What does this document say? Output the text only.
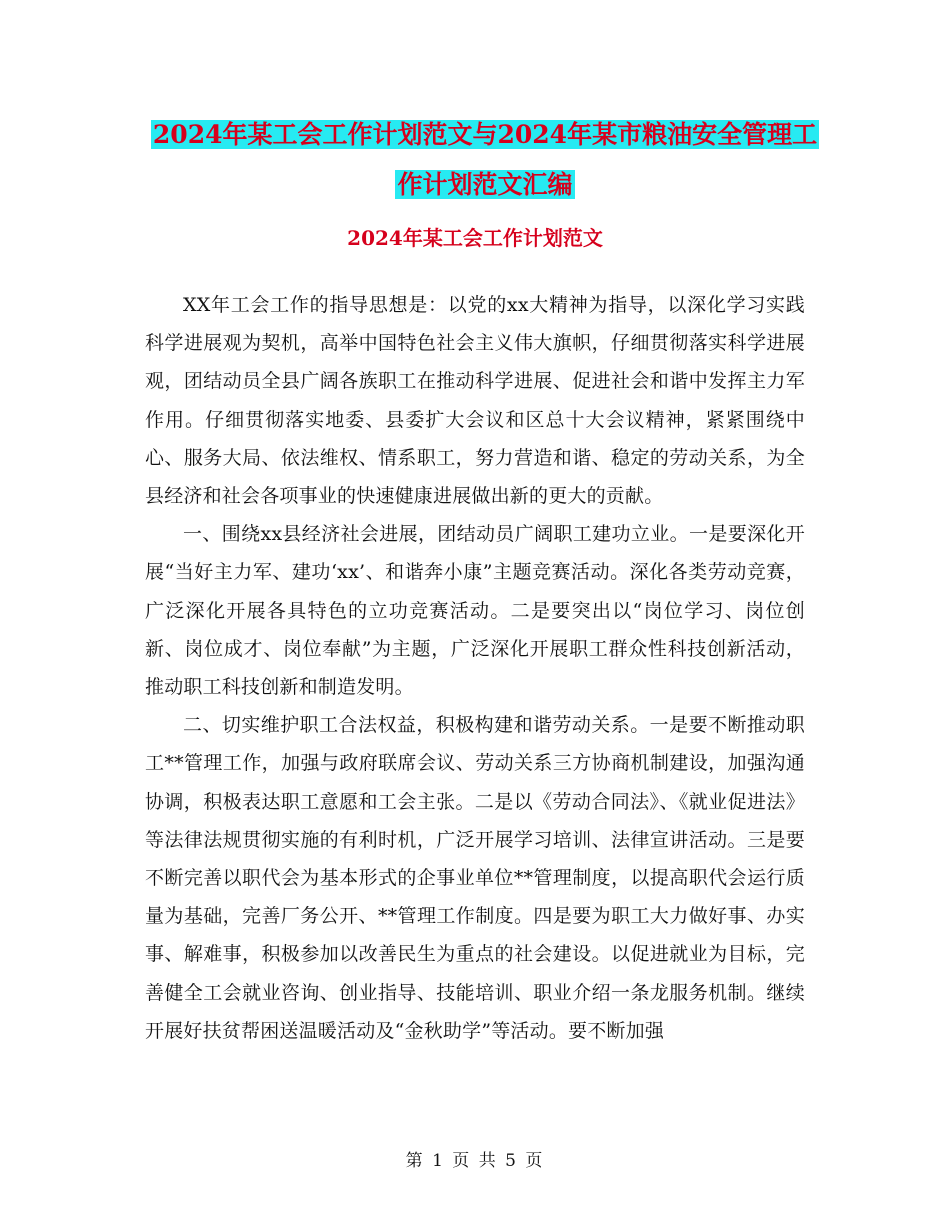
2024年某工会工作计划范文与2024年某市粮油安全管理工作计划范文汇编
2024年某工会工作计划范文

XX年工会工作的指导思想是：以党的xx大精神为指导，以深化学习实践科学进展观为契机，高举中国特色社会主义伟大旗帜，仔细贯彻落实科学进展观，团结动员全县广阔各族职工在推动科学进展、促进社会和谐中发挥主力军作用。仔细贯彻落实地委、县委扩大会议和区总十大会议精神，紧紧围绕中心、服务大局、依法维权、情系职工，努力营造和谐、稳定的劳动关系，为全县经济和社会各项事业的快速健康进展做出新的更大的贡献。

一、围绕xx县经济社会进展，团结动员广阔职工建功立业。一是要深化开展“当好主力军、建功‘xx’、和谐奔小康”主题竞赛活动。深化各类劳动竞赛，广泛深化开展各具特色的立功竞赛活动。二是要突出以“岗位学习、岗位创新、岗位成才、岗位奉献”为主题，广泛深化开展职工群众性科技创新活动，推动职工科技创新和制造发明。

二、切实维护职工合法权益，积极构建和谐劳动关系。一是要不断推动职工**管理工作，加强与政府联席会议、劳动关系三方协商机制建设，加强沟通协调，积极表达职工意愿和工会主张。二是以《劳动合同法》、《就业促进法》等法律法规贯彻实施的有利时机，广泛开展学习培训、法律宣讲活动。三是要不断完善以职代会为基本形式的企事业单位**管理制度，以提高职代会运行质量为基础，完善厂务公开、**管理工作制度。四是要为职工大力做好事、办实事、解难事，积极参加以改善民生为重点的社会建设。以促进就业为目标，完善健全工会就业咨询、创业指导、技能培训、职业介绍一条龙服务机制。继续开展好扶贫帮困送温暖活动及“金秋助学”等活动。要不断加强

第 1 页 共 5 页
